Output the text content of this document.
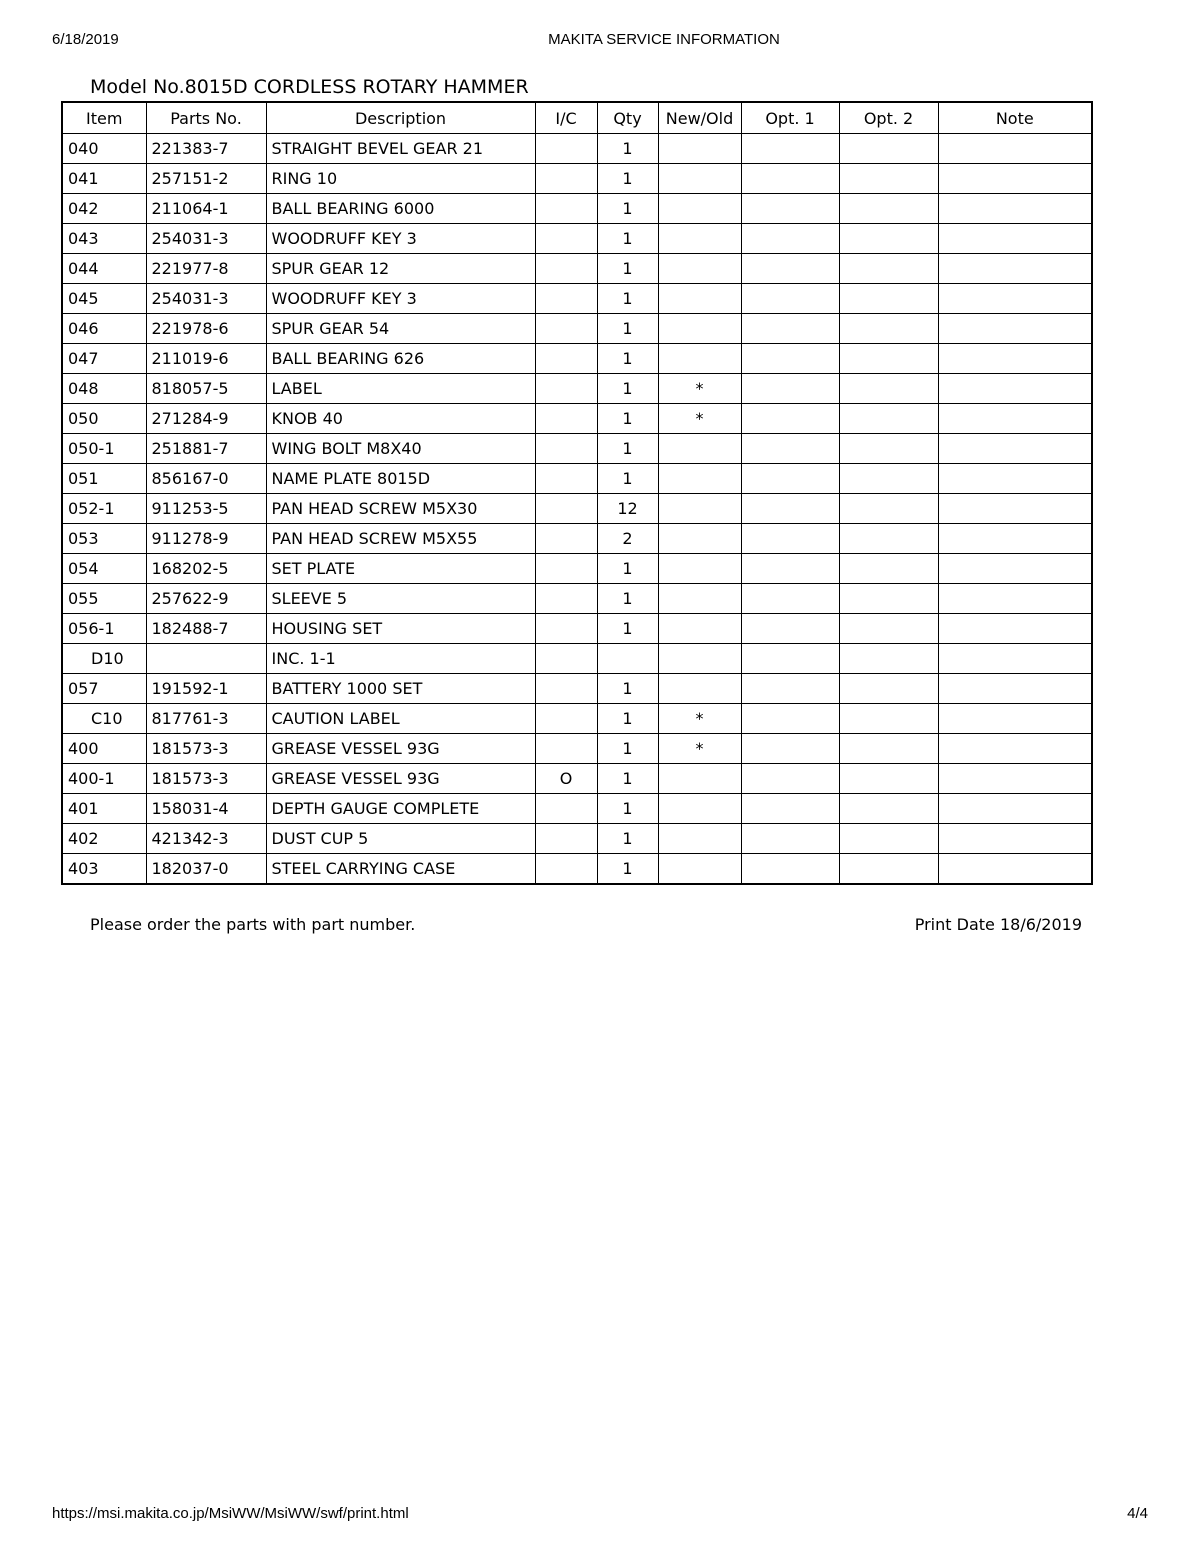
6/18/2019	MAKITA SERVICE INFORMATION
Model No.8015D CORDLESS ROTARY HAMMER
Item	Parts No.	Description	I/C	Qty	New/Old	Opt. 1	Opt. 2	Note
040	221383-7	STRAIGHT BEVEL GEAR 21		1				
041	257151-2	RING 10		1				
042	211064-1	BALL BEARING 6000		1				
043	254031-3	WOODRUFF KEY 3		1				
044	221977-8	SPUR GEAR 12		1				
045	254031-3	WOODRUFF KEY 3		1				
046	221978-6	SPUR GEAR 54		1				
047	211019-6	BALL BEARING 626		1				
048	818057-5	LABEL		1	*			
050	271284-9	KNOB 40		1	*			
050-1	251881-7	WING BOLT M8X40		1				
051	856167-0	NAME PLATE 8015D		1				
052-1	911253-5	PAN HEAD SCREW M5X30		12				
053	911278-9	PAN HEAD SCREW M5X55		2				
054	168202-5	SET PLATE		1				
055	257622-9	SLEEVE 5		1				
056-1	182488-7	HOUSING SET		1				
D10		INC. 1-1						
057	191592-1	BATTERY 1000 SET		1				
C10	817761-3	CAUTION LABEL		1	*			
400	181573-3	GREASE VESSEL 93G		1	*			
400-1	181573-3	GREASE VESSEL 93G	O	1				
401	158031-4	DEPTH GAUGE COMPLETE		1				
402	421342-3	DUST CUP 5		1				
403	182037-0	STEEL CARRYING CASE		1				
Please order the parts with part number.	Print Date 18/6/2019
https://msi.makita.co.jp/MsiWW/MsiWW/swf/print.html	4/4
